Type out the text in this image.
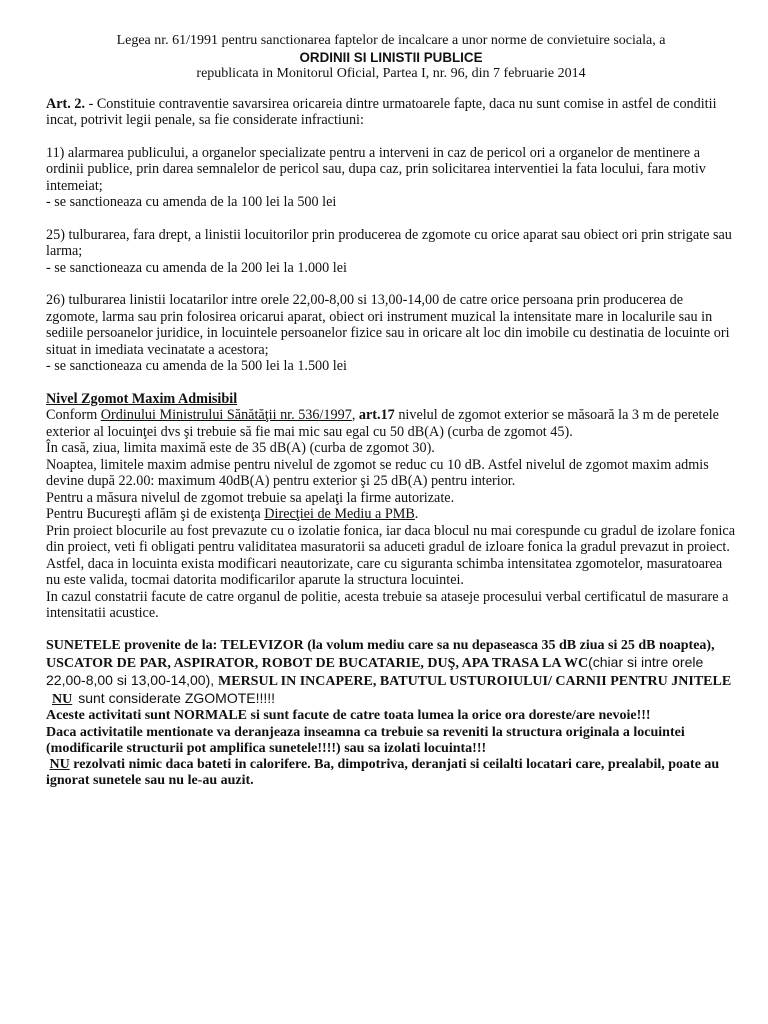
Legea nr. 61/1991 pentru sanctionarea faptelor de incalcare a unor norme de convietuire sociala, a
ORDINII SI LINISTII PUBLICE
republicata in Monitorul Oficial, Partea I, nr. 96, din 7 februarie 2014

Art. 2. - Constituie contraventie savarsirea oricareia dintre urmatoarele fapte, daca nu sunt comise in astfel de conditii incat, potrivit legii penale, sa fie considerate infractiuni:

11) alarmarea publicului, a organelor specializate pentru a interveni in caz de pericol ori a organelor de mentinere a ordinii publice, prin darea semnalelor de pericol sau, dupa caz, prin solicitarea interventiei la fata locului, fara motiv intemeiat;

- se sanctioneaza cu amenda de la 100 lei la 500 lei

25) tulburarea, fara drept, a linistii locuitorilor prin producerea de zgomote cu orice aparat sau obiect ori prin strigate sau larma;

- se sanctioneaza cu amenda de la 200 lei la 1.000 lei

26) tulburarea linistii locatarilor intre orele 22,00-8,00 si 13,00-14,00 de catre orice persoana prin producerea de zgomote, larma sau prin folosirea oricarui aparat, obiect ori instrument muzical la intensitate mare in localurile sau in sediile persoanelor juridice, in locuintele persoanelor fizice sau in oricare alt loc din imobile cu destinatia de locuinte ori situat in imediata vecinatate a acestora;

- se sanctioneaza cu amenda de la 500 lei la 1.500 lei

Nivel Zgomot Maxim Admisibil

Conform Ordinului Ministrului Sănătăţii nr. 536/1997, art.17 nivelul de zgomot exterior se măsoară la 3 m de peretele exterior al locuinţei dvs şi trebuie să fie mai mic sau egal cu 50 dB(A) (curba de zgomot 45).

În casă, ziua, limita maximă este de 35 dB(A) (curba de zgomot 30).

Noaptea, limitele maxim admise pentru nivelul de zgomot se reduc cu 10 dB. Astfel nivelul de zgomot maxim admis devine după 22.00: maximum 40dB(A) pentru exterior şi 25 dB(A) pentru interior.

Pentru a măsura nivelul de zgomot trebuie sa apelaţi la firme autorizate.

Pentru Bucureşti aflăm şi de existenţa Direcţiei de Mediu a PMB.

Prin proiect blocurile au fost prevazute cu o izolatie fonica, iar daca blocul nu mai corespunde cu gradul de izolare fonica din proiect, veti fi obligati pentru validitatea masuratorii sa aduceti gradul de izloare fonica la gradul prevazut in proiect.

Astfel, daca in locuinta exista modificari neautorizate, care cu siguranta schimba intensitatea zgomotelor, masuratoarea nu este valida, tocmai datorita modificarilor aparute la structura locuintei.

In cazul constatrii facute de catre organul de politie, acesta trebuie sa ataseje procesului verbal certificatul de masurare a intensitatii acustice.

SUNETELE provenite de la: TELEVIZOR (la volum mediu care sa nu depaseasca 35 dB ziua si 25 dB noaptea), USCATOR DE PAR, ASPIRATOR, ROBOT DE BUCATARIE, DUŞ, APA TRASA LA WC(chiar si intre orele 22,00-8,00 si 13,00-14,00), MERSUL IN INCAPERE, BATUTUL USTUROIULUI/ CARNII PENTRU JNITELENU sunt considerate ZGOMOTE!!!!!

Aceste activitati sunt NORMALE si sunt facute de catre toata lumea la orice ora doreste/are nevoie!!!

Daca activitatile mentionate va deranjeaza inseamna ca trebuie sa reveniti la structura originala a locuintei (modificarile structurii pot amplifica sunetele!!!!) sau sa izolati locuinta!!!

NU rezolvati nimic daca bateti in calorifere. Ba, dimpotriva, deranjati si ceilalti locatari care, prealabil, poate au ignorat sunetele sau nu le-au auzit.
